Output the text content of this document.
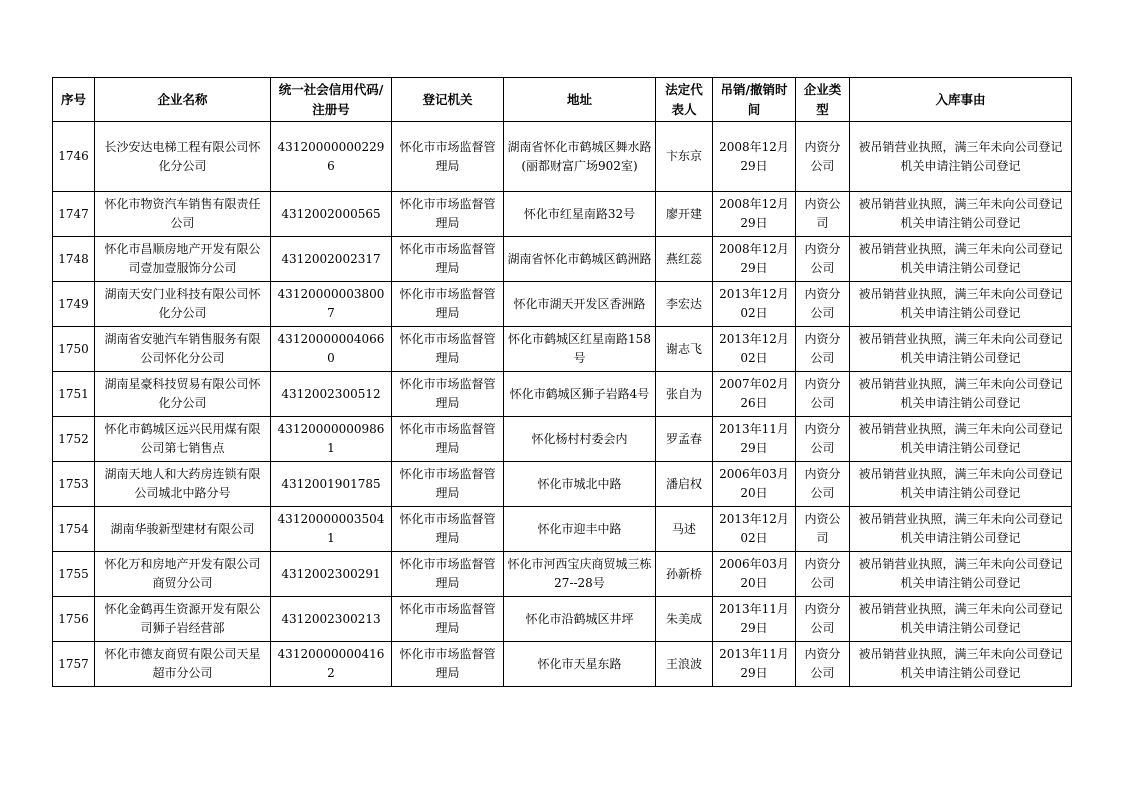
序号	企业名称	统一社会信用代码/注册号	登记机关	地址	法定代表人	吊销/撤销时间	企业类型	入库事由
1746	长沙安达电梯工程有限公司怀化分公司	431200000002296	怀化市市场监督管理局	湖南省怀化市鹤城区舞水路(丽都财富广场902室)	卞东京	2008年12月29日	内资分公司	被吊销营业执照，满三年未向公司登记机关申请注销公司登记
1747	怀化市物资汽车销售有限责任公司	4312002000565	怀化市市场监督管理局	怀化市红星南路32号	廖开建	2008年12月29日	内资公司	被吊销营业执照，满三年未向公司登记机关申请注销公司登记
1748	怀化市昌顺房地产开发有限公司壹加壹服饰分公司	4312002002317	怀化市市场监督管理局	湖南省怀化市鹤城区鹤洲路	燕红蕊	2008年12月29日	内资分公司	被吊销营业执照，满三年未向公司登记机关申请注销公司登记
1749	湖南天安门业科技有限公司怀化分公司	431200000038007	怀化市市场监督管理局	怀化市湖天开发区香洲路	李宏达	2013年12月02日	内资分公司	被吊销营业执照，满三年未向公司登记机关申请注销公司登记
1750	湖南省安驰汽车销售服务有限公司怀化分公司	431200000040660	怀化市市场监督管理局	怀化市鹤城区红星南路158号	谢志飞	2013年12月02日	内资分公司	被吊销营业执照，满三年未向公司登记机关申请注销公司登记
1751	湖南星豪科技贸易有限公司怀化分公司	4312002300512	怀化市市场监督管理局	怀化市鹤城区狮子岩路4号	张自为	2007年02月26日	内资分公司	被吊销营业执照，满三年未向公司登记机关申请注销公司登记
1752	怀化市鹤城区远兴民用煤有限公司第七销售点	431200000009861	怀化市市场监督管理局	怀化杨村村委会内	罗孟春	2013年11月29日	内资分公司	被吊销营业执照，满三年未向公司登记机关申请注销公司登记
1753	湖南天地人和大药房连锁有限公司城北中路分号	4312001901785	怀化市市场监督管理局	怀化市城北中路	潘启权	2006年03月20日	内资分公司	被吊销营业执照，满三年未向公司登记机关申请注销公司登记
1754	湖南华骏新型建材有限公司	431200000035041	怀化市市场监督管理局	怀化市迎丰中路	马述	2013年12月02日	内资公司	被吊销营业执照，满三年未向公司登记机关申请注销公司登记
1755	怀化万和房地产开发有限公司商贸分公司	4312002300291	怀化市市场监督管理局	怀化市河西宝庆商贸城三栋27--28号	孙新桥	2006年03月20日	内资分公司	被吊销营业执照，满三年未向公司登记机关申请注销公司登记
1756	怀化金鹤再生资源开发有限公司狮子岩经营部	4312002300213	怀化市市场监督管理局	怀化市沿鹤城区井坪	朱美成	2013年11月29日	内资分公司	被吊销营业执照，满三年未向公司登记机关申请注销公司登记
1757	怀化市德友商贸有限公司天星超市分公司	431200000004162	怀化市市场监督管理局	怀化市天星东路	王浪波	2013年11月29日	内资分公司	被吊销营业执照，满三年未向公司登记机关申请注销公司登记
